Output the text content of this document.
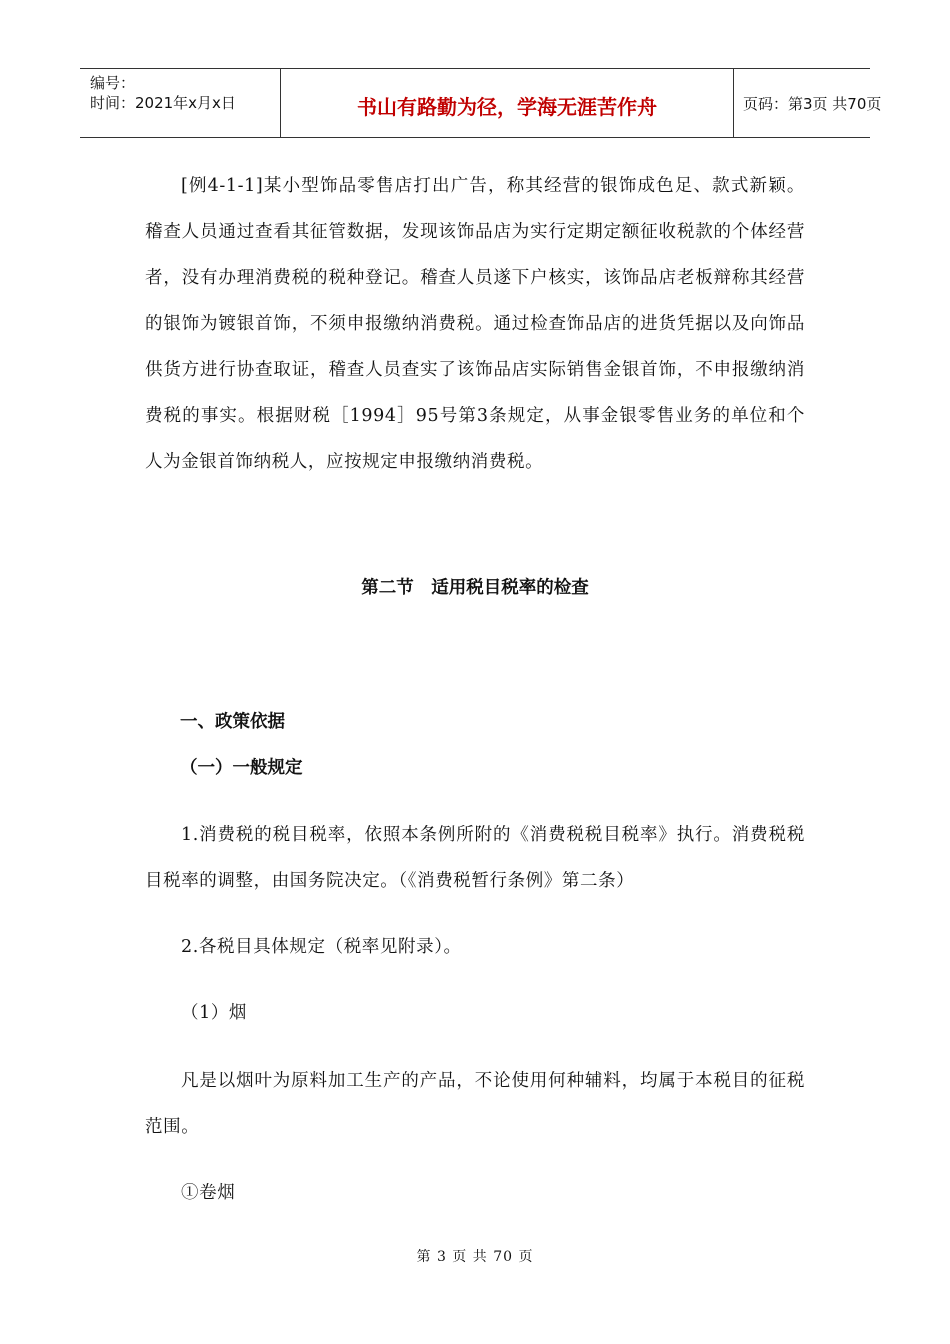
编号：
时间：2021年x月x日	书山有路勤为径，学海无涯苦作舟	页码：第3页 共70页
[例4-1-1]某小型饰品零售店打出广告，称其经营的银饰成色足、款式新颖。稽查人员通过查看其征管数据，发现该饰品店为实行定期定额征收税款的个体经营者，没有办理消费税的税种登记。稽查人员遂下户核实，该饰品店老板辩称其经营的银饰为镀银首饰，不须申报缴纳消费税。通过检查饰品店的进货凭据以及向饰品供货方进行协查取证，稽查人员查实了该饰品店实际销售金银首饰，不申报缴纳消费税的事实。根据财税［1994］95号第3条规定，从事金银零售业务的单位和个人为金银首饰纳税人，应按规定申报缴纳消费税。
第二节　适用税目税率的检查
一、政策依据
（一）一般规定
1.消费税的税目税率，依照本条例所附的《消费税税目税率》执行。消费税税目税率的调整，由国务院决定。（《消费税暂行条例》第二条）
2.各税目具体规定（税率见附录）。
（1）烟
凡是以烟叶为原料加工生产的产品，不论使用何种辅料，均属于本税目的征税范围。
①卷烟
第 3 页 共 70 页
